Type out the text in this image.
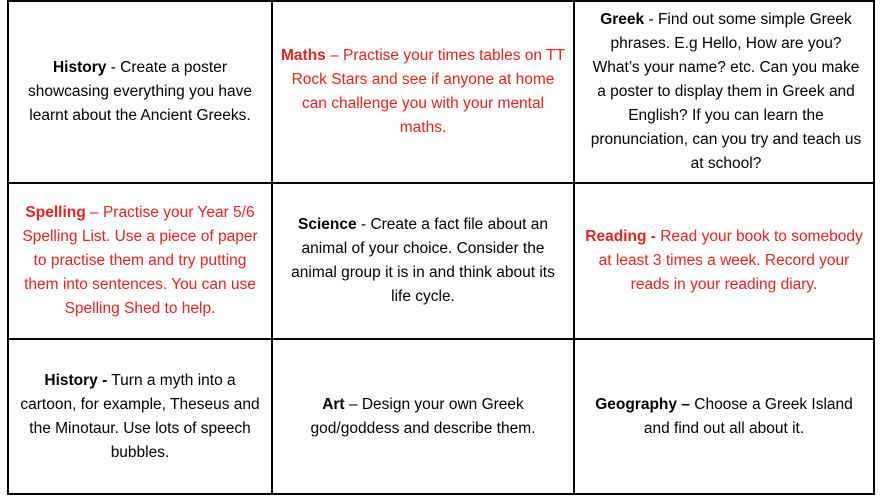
History - Create a poster showcasing everything you have learnt about the Ancient Greeks.	Maths – Practise your times tables on TT Rock Stars and see if anyone at home can challenge you with your mental maths.	Greek - Find out some simple Greek phrases. E.g Hello, How are you? What’s your name? etc. Can you make a poster to display them in Greek and English? If you can learn the pronunciation, can you try and teach us at school?
Spelling – Practise your Year 5/6 Spelling List. Use a piece of paper to practise them and try putting them into sentences. You can use Spelling Shed to help.	Science - Create a fact file about an animal of your choice. Consider the animal group it is in and think about its life cycle.	Reading - Read your book to somebody at least 3 times a week. Record your reads in your reading diary.
History - Turn a myth into a cartoon, for example, Theseus and the Minotaur. Use lots of speech bubbles.	Art – Design your own Greek god/goddess and describe them.	Geography – Choose a Greek Island and find out all about it.
